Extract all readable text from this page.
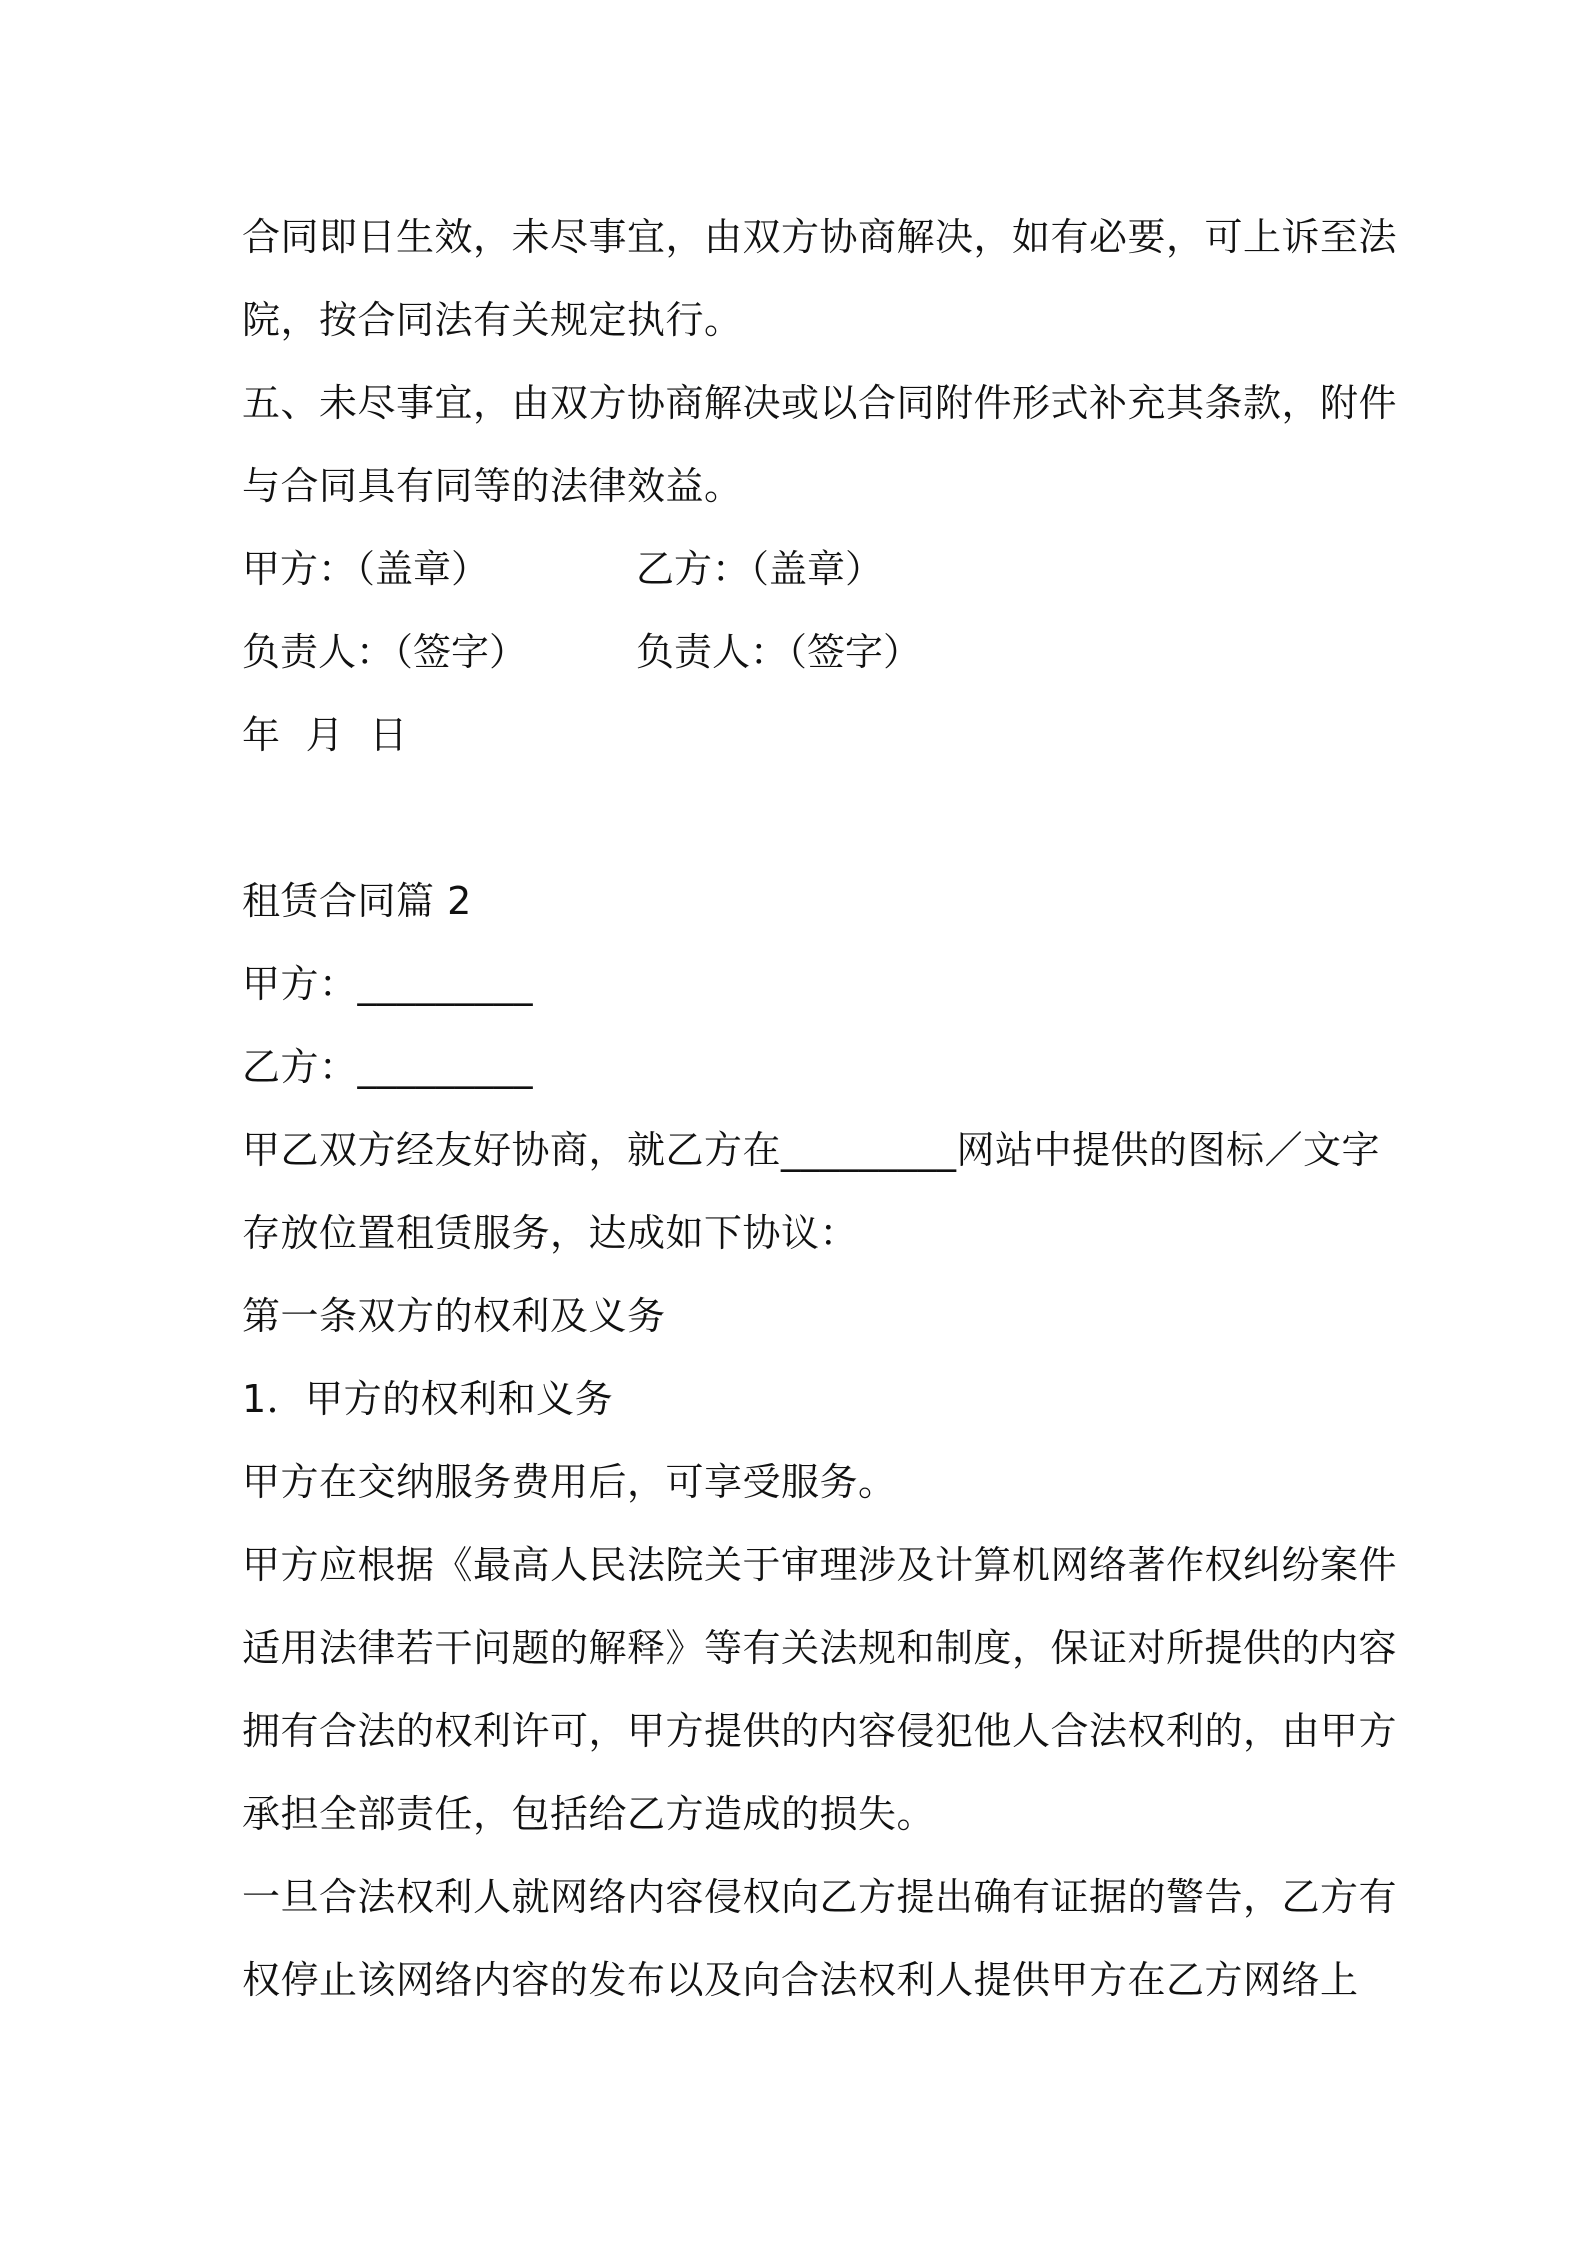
合同即日生效，未尽事宜，由双方协商解决，如有必要，可上诉至法
院，按合同法有关规定执行。
五、未尽事宜，由双方协商解决或以合同附件形式补充其条款，附件
与合同具有同等的法律效益。
甲方：（盖章）	乙方：（盖章）
负责人：（签字）	负责人：（签字）
年  月  日
租赁合同篇 2
甲方：_________
乙方：_________
甲乙双方经友好协商，就乙方在_________网站中提供的图标／文字
存放位置租赁服务，达成如下协议：
第一条双方的权利及义务
1．甲方的权利和义务
甲方在交纳服务费用后，可享受服务。
甲方应根据《最高人民法院关于审理涉及计算机网络著作权纠纷案件
适用法律若干问题的解释》等有关法规和制度，保证对所提供的内容
拥有合法的权利许可，甲方提供的内容侵犯他人合法权利的，由甲方
承担全部责任，包括给乙方造成的损失。
一旦合法权利人就网络内容侵权向乙方提出确有证据的警告，乙方有
权停止该网络内容的发布以及向合法权利人提供甲方在乙方网络上
